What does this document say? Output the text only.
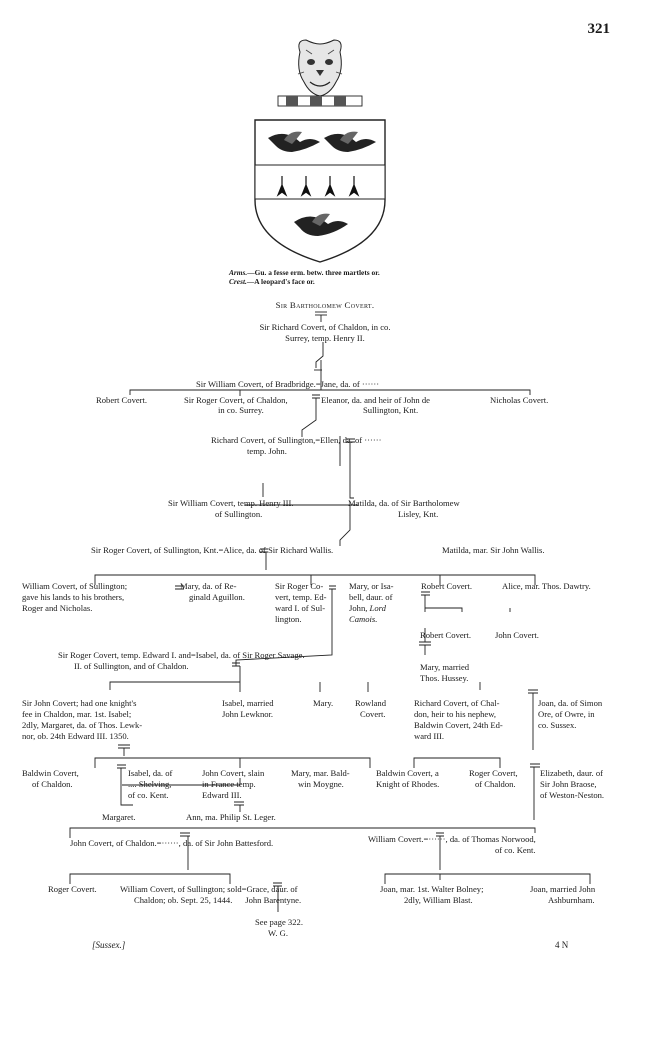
321
Arms.—Gu. a fesse erm. betw. three martlets or.
Crest.—A leopard's face or.
Sir Bartholomew Covert.
Sir Richard Covert, of Chaldon, in co.
Surrey, temp. Henry II.
Sir William Covert, of Bradbridge.=Jane, da. of ······
Robert Covert.	Sir Roger Covert, of Chaldon,
in co. Surrey.
Eleanor, da. and heir of John de
Sullington, Knt.
Nicholas Covert.
Richard Covert, of Sullington,=Ellen, da. of ······
temp. John.
Sir William Covert, temp. Henry III.
of Sullington.
Matilda, da. of Sir Bartholomew
Lisley, Knt.
Sir Roger Covert, of Sullington, Knt.=Alice, da. of Sir Richard Wallis.	Matilda, mar. Sir John Wallis.
William Covert, of Sullington;
gave his lands to his brothers,
Roger and Nicholas.
Mary, da. of Re-
ginald Aguillon.
Sir Roger Co-
vert, temp. Ed-
ward I. of Sul-
lington.
Mary, or Isa-
bell, daur. of
John, Lord
Camois.
Robert Covert.	Alice, mar. Thos. Dawtry.
Robert Covert.	John Covert.
Mary, married
Thos. Hussey.
Sir Roger Covert, temp. Edward I. and=Isabel, da. of Sir Roger Savage.
II. of Sullington, and of Chaldon.
Sir John Covert; had one knight's
fee in Chaldon, mar. 1st. Isabel;
2dly, Margaret, da. of Thos. Lewk-
nor, ob. 24th Edward III. 1350.
Isabel, married
John Lewknor.
Mary.	Rowland
Covert.
Richard Covert, of Chal-
don, heir to his nephew,
Baldwin Covert, 24th Ed-
ward III.
Joan, da. of Simon
Ore, of Owre, in
co. Sussex.
Baldwin Covert,
of Chaldon.
Isabel, da. of
.... Shelving,
of co. Kent.
John Covert, slain
in France temp.
Edward III.
Mary, mar. Bald-
win Moygne.
Baldwin Covert, a
Knight of Rhodes.
Roger Covert,
of Chaldon.
Elizabeth, daur. of
Sir John Braose,
of Weston-Neston.
Margaret.	Ann, ma. Philip St. Leger.
John Covert, of Chaldon.=······, da. of Sir John Battesford.	William Covert.=······, da. of Thomas Norwood,
of co. Kent.
Roger Covert.	William Covert, of Sullington; sold=Grace, daur. of
Chaldon; ob. Sept. 25, 1444.      John Barentyne.
Joan, mar. 1st. Walter Bolney;
2dly, William Blast.
Joan, married John
Ashburnham.
See page 322.
W. G.
[Sussex.]	4 N
